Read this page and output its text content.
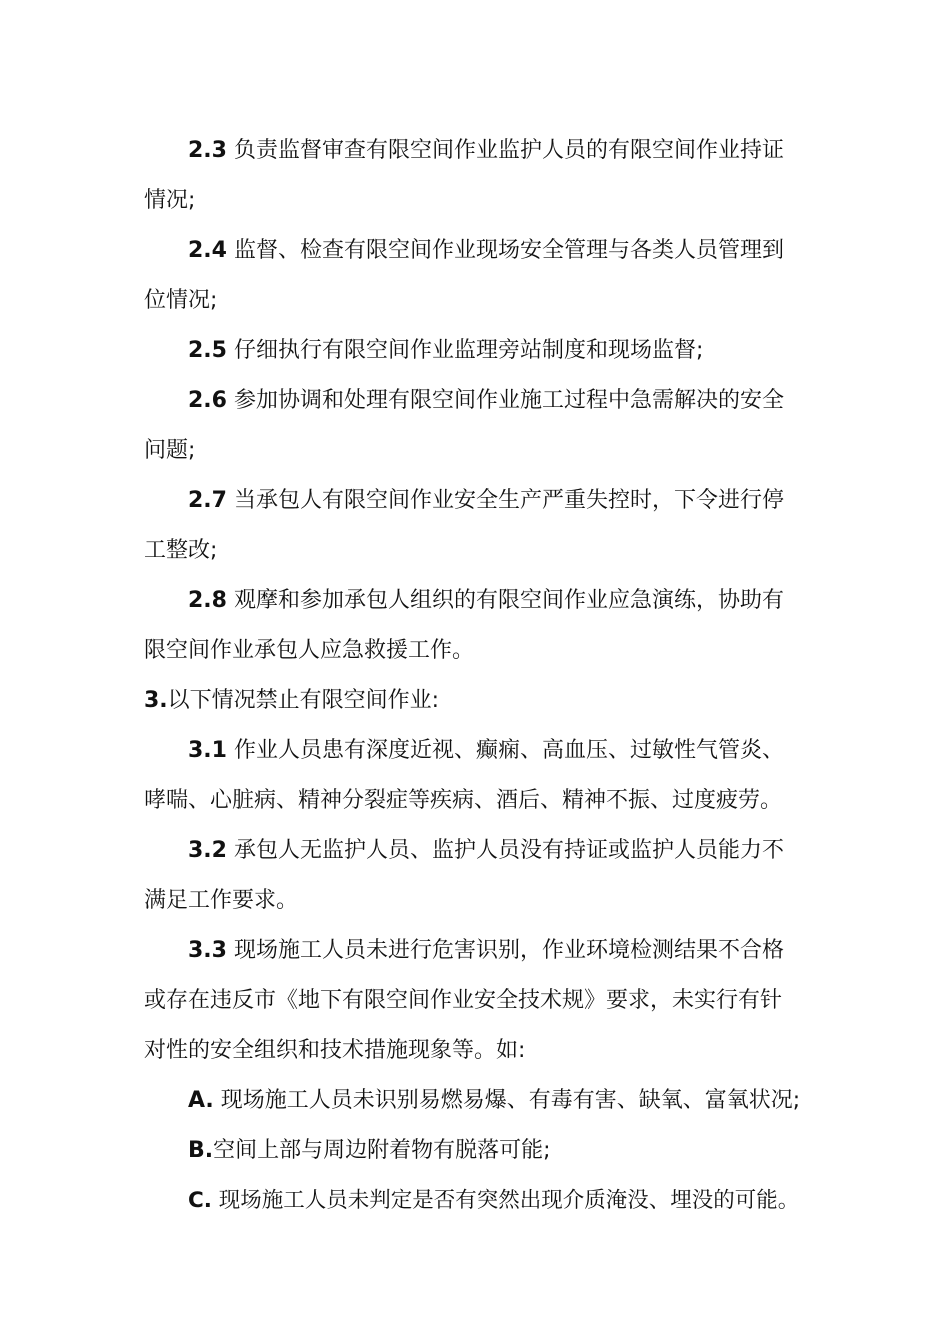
2.3 负责监督审查有限空间作业监护人员的有限空间作业持证
情况;
2.4 监督、检查有限空间作业现场安全管理与各类人员管理到
位情况;
2.5 仔细执行有限空间作业监理旁站制度和现场监督;
2.6 参加协调和处理有限空间作业施工过程中急需解决的安全
问题;
2.7 当承包人有限空间作业安全生产严重失控时，下令进行停
工整改;
2.8 观摩和参加承包人组织的有限空间作业应急演练，协助有
限空间作业承包人应急救援工作。
3.以下情况禁止有限空间作业:
3.1 作业人员患有深度近视、癫痫、高血压、过敏性气管炎、
哮喘、心脏病、精神分裂症等疾病、酒后、精神不振、过度疲劳。
3.2 承包人无监护人员、监护人员没有持证或监护人员能力不
满足工作要求。
3.3 现场施工人员未进行危害识别，作业环境检测结果不合格
或存在违反市《地下有限空间作业安全技术规》要求，未实行有针
对性的安全组织和技术措施现象等。如:
A. 现场施工人员未识别易燃易爆、有毒有害、缺氧、富氧状况;
B.空间上部与周边附着物有脱落可能;
C. 现场施工人员未判定是否有突然出现介质淹没、埋没的可能。
